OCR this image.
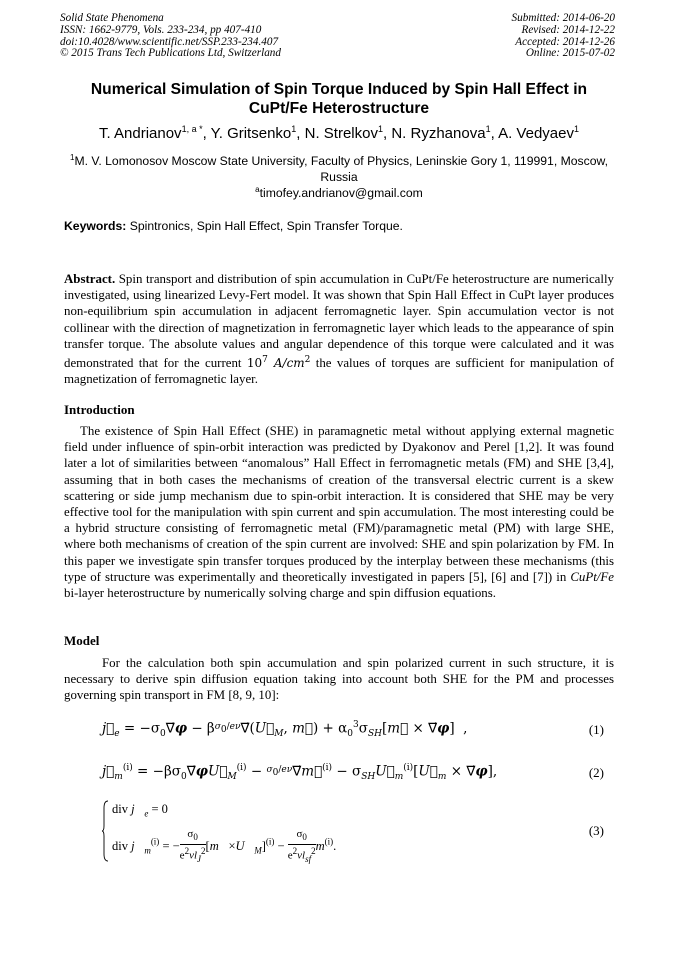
Solid State Phenomena
ISSN: 1662-9779, Vols. 233-234, pp 407-410
doi:10.4028/www.scientific.net/SSP.233-234.407
© 2015 Trans Tech Publications Ltd, Switzerland
Submitted: 2014-06-20
Revised: 2014-12-22
Accepted: 2014-12-26
Online: 2015-07-02
Numerical Simulation of Spin Torque Induced by Spin Hall Effect in CuPt/Fe Heterostructure
T. Andrianov$^{1, a *}$, Y. Gritsenko$^1$, N. Strelkov$^1$, N. Ryzhanova$^1$, A. Vedyaev$^1$
$^1$M. V. Lomonosov Moscow State University, Faculty of Physics, Leninskie Gory 1, 119991, Moscow, Russia
$^a$timofey.andrianov@gmail.com
Keywords: Spintronics, Spin Hall Effect, Spin Transfer Torque.
Abstract. Spin transport and distribution of spin accumulation in CuPt/Fe heterostructure are numerically investigated, using linearized Levy-Fert model. It was shown that Spin Hall Effect in CuPt layer produces non-equilibrium spin accumulation in adjacent ferromagnetic layer. Spin accumulation vector is not collinear with the direction of magnetization in ferromagnetic layer which leads to the appearance of spin transfer torque. The absolute values and angular dependence of this torque were calculated and it was demonstrated that for the current $10^7$ $A/cm^2$ the values of torques are sufficient for manipulation of magnetization of ferromagnetic layer.
Introduction
The existence of Spin Hall Effect (SHE) in paramagnetic metal without applying external magnetic field under influence of spin-orbit interaction was predicted by Dyakonov and Perel [1,2]. It was found later a lot of similarities between “anomalous” Hall Effect in ferromagnetic metals (FM) and SHE [3,4], assuming that in both cases the mechanisms of creation of the transversal electric current is a skew scattering or side jump mechanism due to spin-orbit interaction. It is considered that SHE may be very effective tool for the manipulation with spin current and spin accumulation. The most interesting could be a hybrid structure consisting of ferromagnetic metal (FM)/paramagnetic metal (PM) with large SHE, where both mechanisms of creation of the spin current are involved: SHE and spin polarization by FM. In this paper we investigate spin transfer torques produced by the interplay between these mechanisms (this type of structure was experimentally and theoretically investigated in papers [5], [6] and [7]) in CuPt/Fe bi-layer heterostructure by numerically solving charge and spin diffusion equations.
Model
For the calculation both spin accumulation and spin polarized current in such structure, it is necessary to derive spin diffusion equation taking into account both SHE for the PM and processes governing spin transport in FM [8, 9, 10]:
$j⃗_e$ = $-\sigma_0\nabla⃗\varphi$ − $\beta^{\sigma_0/e\nu}\nabla⃗(U⃗_M$, m⃗) + $\alpha_0^3\sigma_{SH}[m⃗$ × ∇⃗φ]  ,	(1)
$j⃗_m^{(i)}$ = $-\beta\sigma_0\nabla⃗\varphi U⃗_M^{(i)}$ − $^{\sigma_0/e\nu}$∇⃗m⃗$^{(i)}$ − $\sigma_{SH}U⃗_m^{(i)}[U⃗_m$ × ∇⃗φ],	(2)
div $j⃗_e = 0$
div $j⃗_m^{(i)}$ = −
$\sigma_0$
$e^2\nu l_J^2$ $[m⃗\times U⃗_M]^{(i)}$ −
$\sigma_0$
$e^2\nu l_{sf}^2$ $m^{(i)}$.
(3)
